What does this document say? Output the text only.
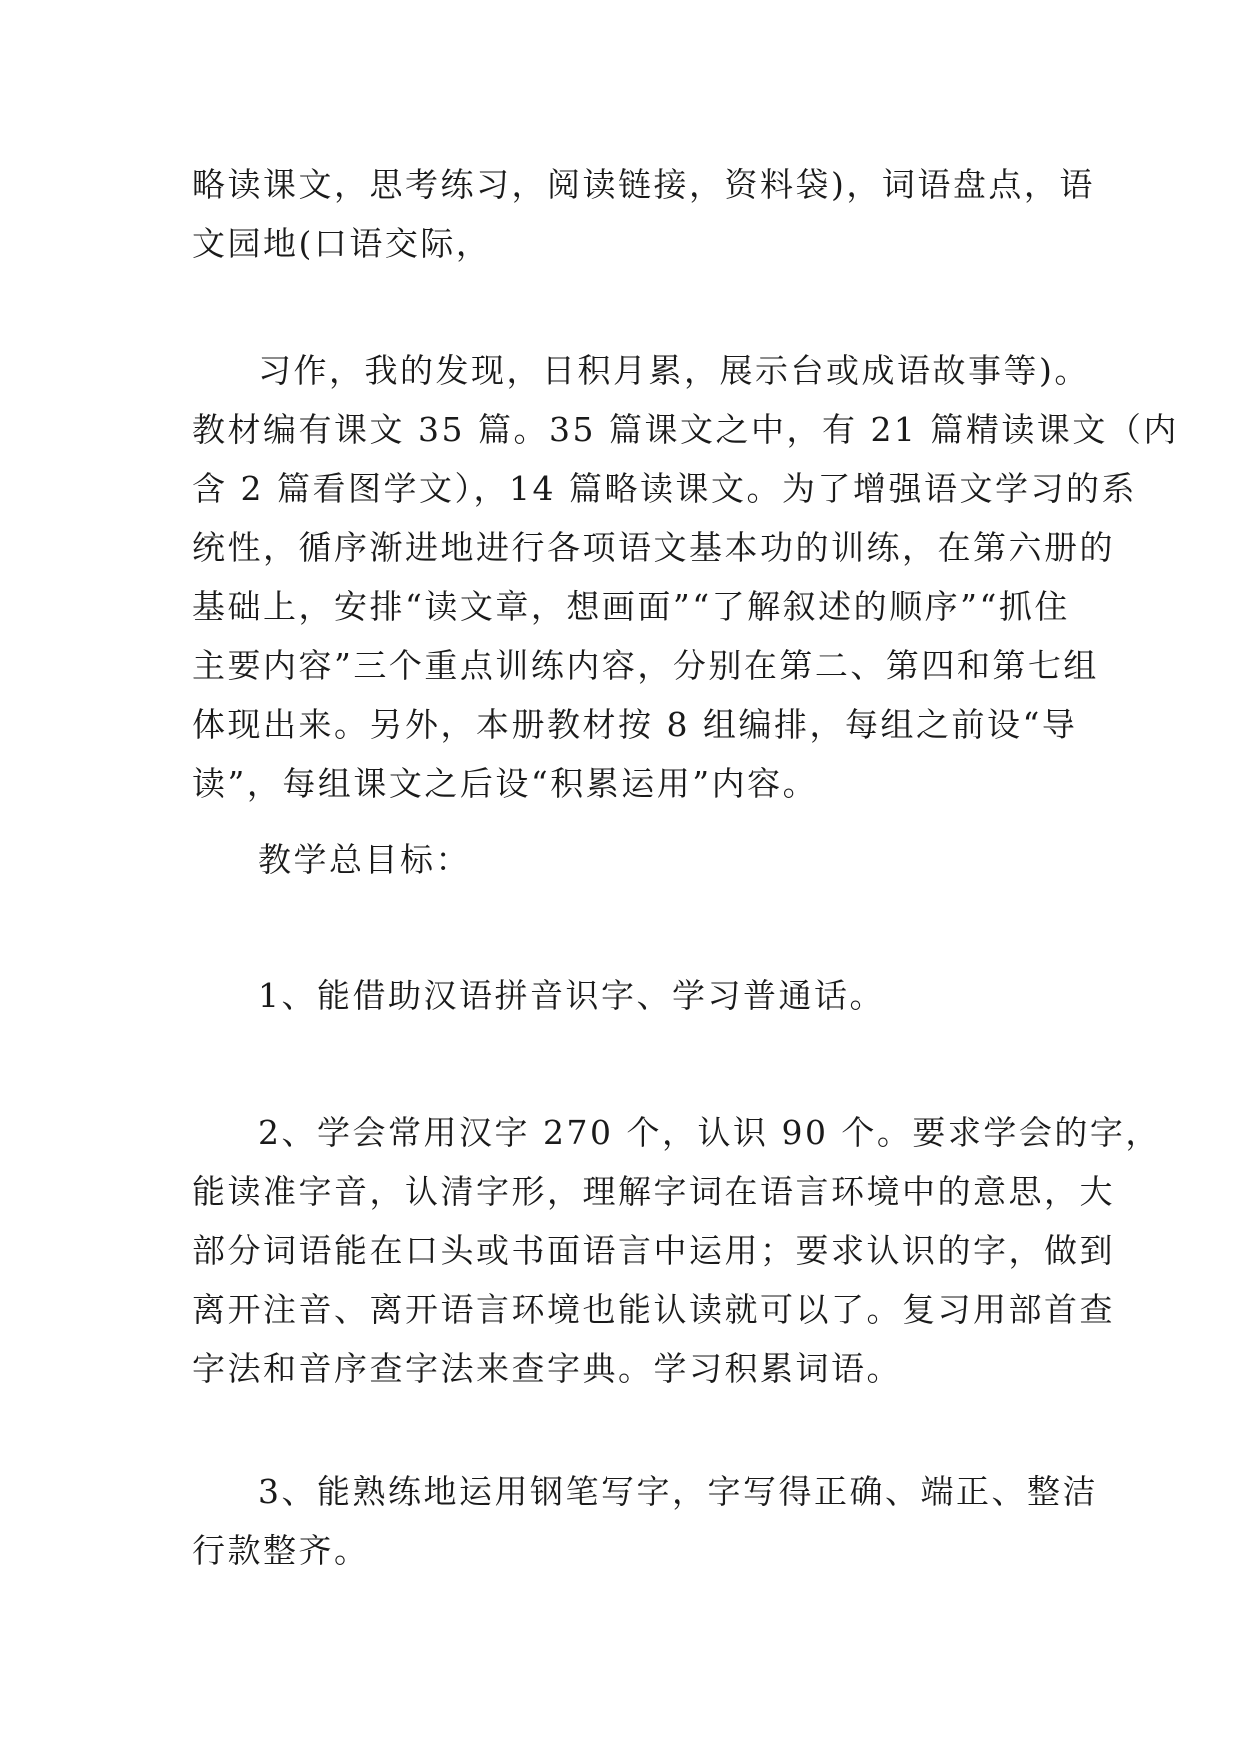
略读课文，思考练习，阅读链接，资料袋)，词语盘点，语
文园地(口语交际，

习作，我的发现，日积月累，展示台或成语故事等)。
教材编有课文 35 篇。35 篇课文之中，有 21 篇精读课文（内
含 2 篇看图学文），14 篇略读课文。为了增强语文学习的系
统性，循序渐进地进行各项语文基本功的训练，在第六册的
基础上，安排“读文章，想画面”“了解叙述的顺序”“抓住
主要内容”三个重点训练内容，分别在第二、第四和第七组
体现出来。另外，本册教材按 8 组编排，每组之前设“导
读”，每组课文之后设“积累运用”内容。

教学总目标：

1、能借助汉语拼音识字、学习普通话。

2、学会常用汉字 270 个，认识 90 个。要求学会的字，
能读准字音，认清字形，理解字词在语言环境中的意思，大
部分词语能在口头或书面语言中运用；要求认识的字，做到
离开注音、离开语言环境也能认读就可以了。复习用部首查
字法和音序查字法来查字典。学习积累词语。

3、能熟练地运用钢笔写字，字写得正确、端正、整洁
行款整齐。
